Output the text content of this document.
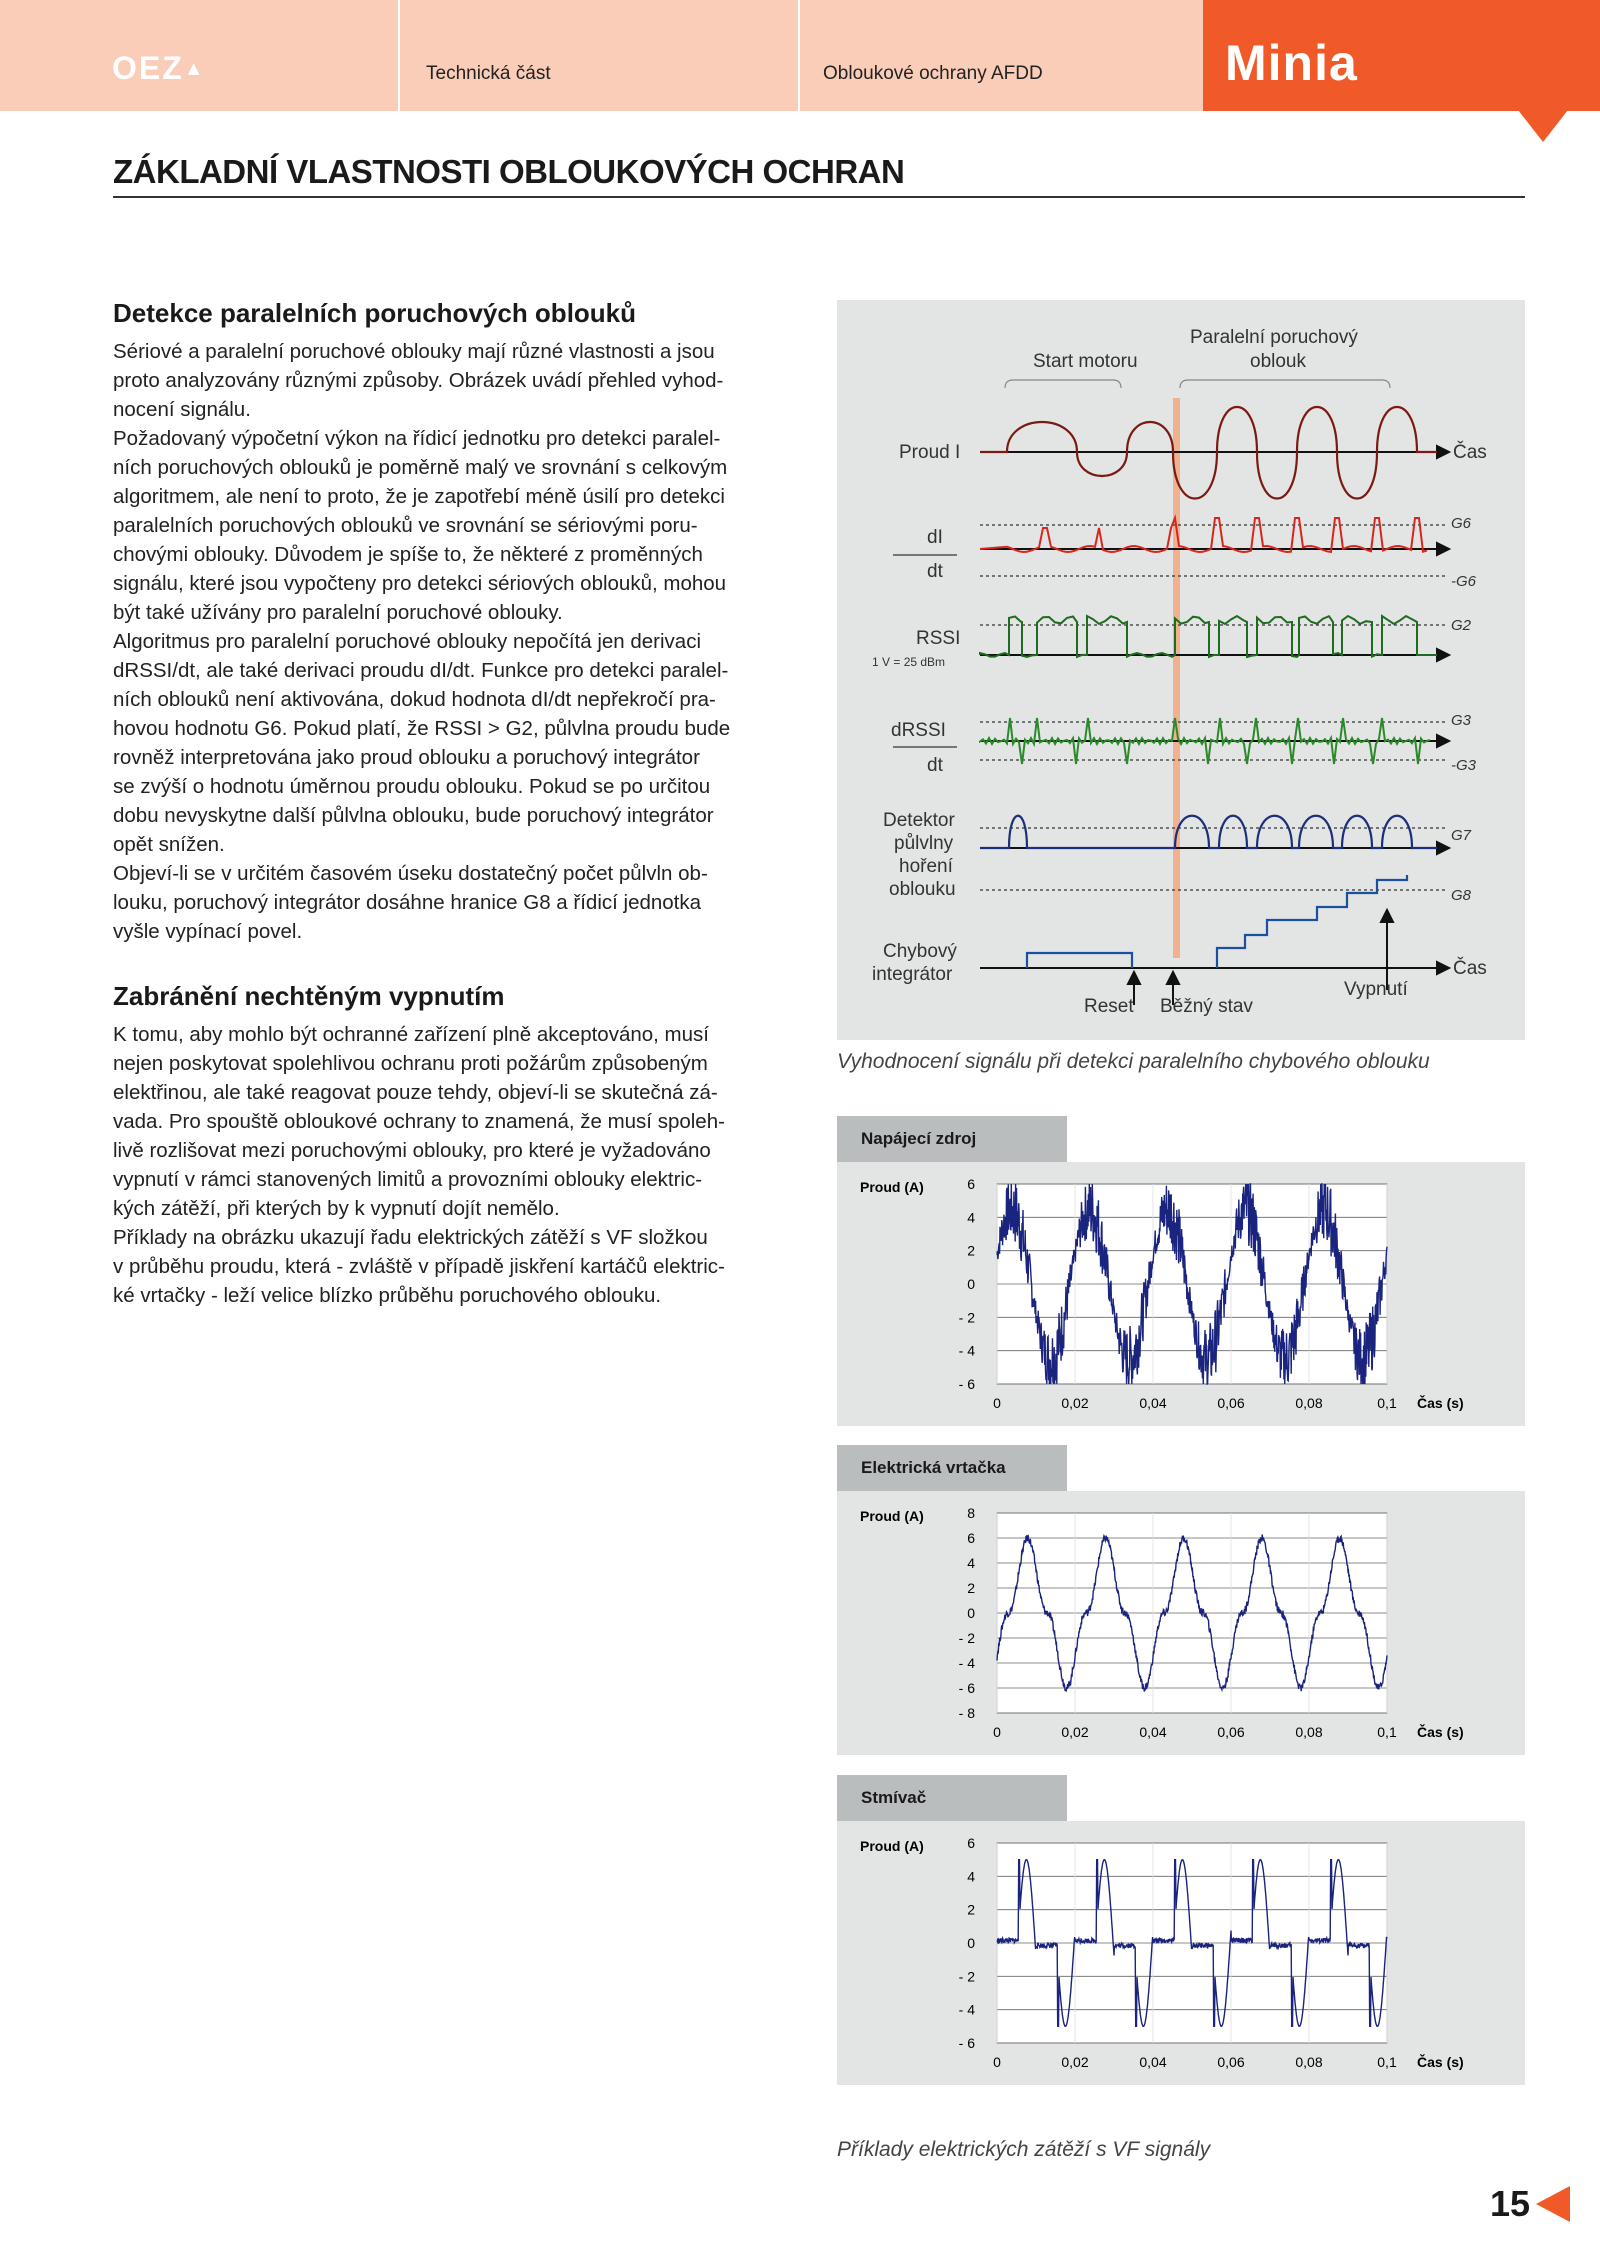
OEZ▲	Technická část	Obloukové ochrany AFDD	Minia
ZÁKLADNÍ VLASTNOSTI OBLOUKOVÝCH OCHRAN
Detekce paralelních poruchových oblouků
Sériové a paralelní poruchové oblouky mají různé vlastnosti a jsou
proto analyzovány různými způsoby. Obrázek uvádí přehled vyhod-
nocení signálu.
Požadovaný výpočetní výkon na řídicí jednotku pro detekci paralel-
ních poruchových oblouků je poměrně malý ve srovnání s celkovým
algoritmem, ale není to proto, že je zapotřebí méně úsilí pro detekci
paralelních poruchových oblouků ve srovnání se sériovými poru-
chovými oblouky. Důvodem je spíše to, že některé z proměnných
signálu, které jsou vypočteny pro detekci sériových oblouků, mohou
být také užívány pro paralelní poruchové oblouky.
Algoritmus pro paralelní poruchové oblouky nepočítá jen derivaci
dRSSI/dt, ale také derivaci proudu dI/dt. Funkce pro detekci paralel-
ních oblouků není aktivována, dokud hodnota dI/dt nepřekročí pra-
hovou hodnotu G6. Pokud platí, že RSSI > G2, půlvlna proudu bude
rovněž interpretována jako proud oblouku a poruchový integrátor
se zvýší o hodnotu úměrnou proudu oblouku. Pokud se po určitou
dobu nevyskytne další půlvlna oblouku, bude poruchový integrátor
opět snížen.
Objeví-li se v určitém časovém úseku dostatečný počet půlvln ob-
louku, poruchový integrátor dosáhne hranice G8 a řídicí jednotka
vyšle vypínací povel.
Zabránění nechtěným vypnutím
K tomu, aby mohlo být ochranné zařízení plně akceptováno, musí
nejen poskytovat spolehlivou ochranu proti požárům způsobeným
elektřinou, ale také reagovat pouze tehdy, objeví-li se skutečná zá-
vada. Pro spouště obloukové ochrany to znamená, že musí spoleh-
livě rozlišovat mezi poruchovými oblouky, pro které je vyžadováno
vypnutí v rámci stanovených limitů a provozními oblouky elektric-
kých zátěží, při kterých by k vypnutí dojít nemělo.
Příklady na obrázku ukazují řadu elektrických zátěží s VF složkou
v průběhu proudu, která - zvláště v případě jiskření kartáčů elektric-
ké vrtačky - leží velice blízko průběhu poruchového oblouku.
Start motoru
Paralelní poruchový
oblouk
Proud I	Čas
dI
dt
RSSI
dRSSI
dt
Detektor
půlvlny
hoření
oblouku
Chybový
integrátor
Reset Běžný stav
Vypnutí
Čas
1 V = 25 dBm
G6
-G6
G2
G3
-G3
G7
G8
Vyhodnocení signálu při detekci paralelního chybového oblouku
Napájecí zdroj
6
4
2
0
- 2
- 4
- 6
0	0,02	0,04	0,06	0,08	0,1
Proud (A)
Čas (s)
Elektrická vrtačka
8
6
4
2
0
- 2
- 4
- 6
- 8
0	0,02	0,04	0,06	0,08	0,1
Proud (A)
Čas (s)
Stmívač
6
4
2
0
- 2
- 4
- 6
0	0,02	0,04	0,06	0,08	0,1
Proud (A)
Čas (s)
Příklady elektrických zátěží s VF signály
15
